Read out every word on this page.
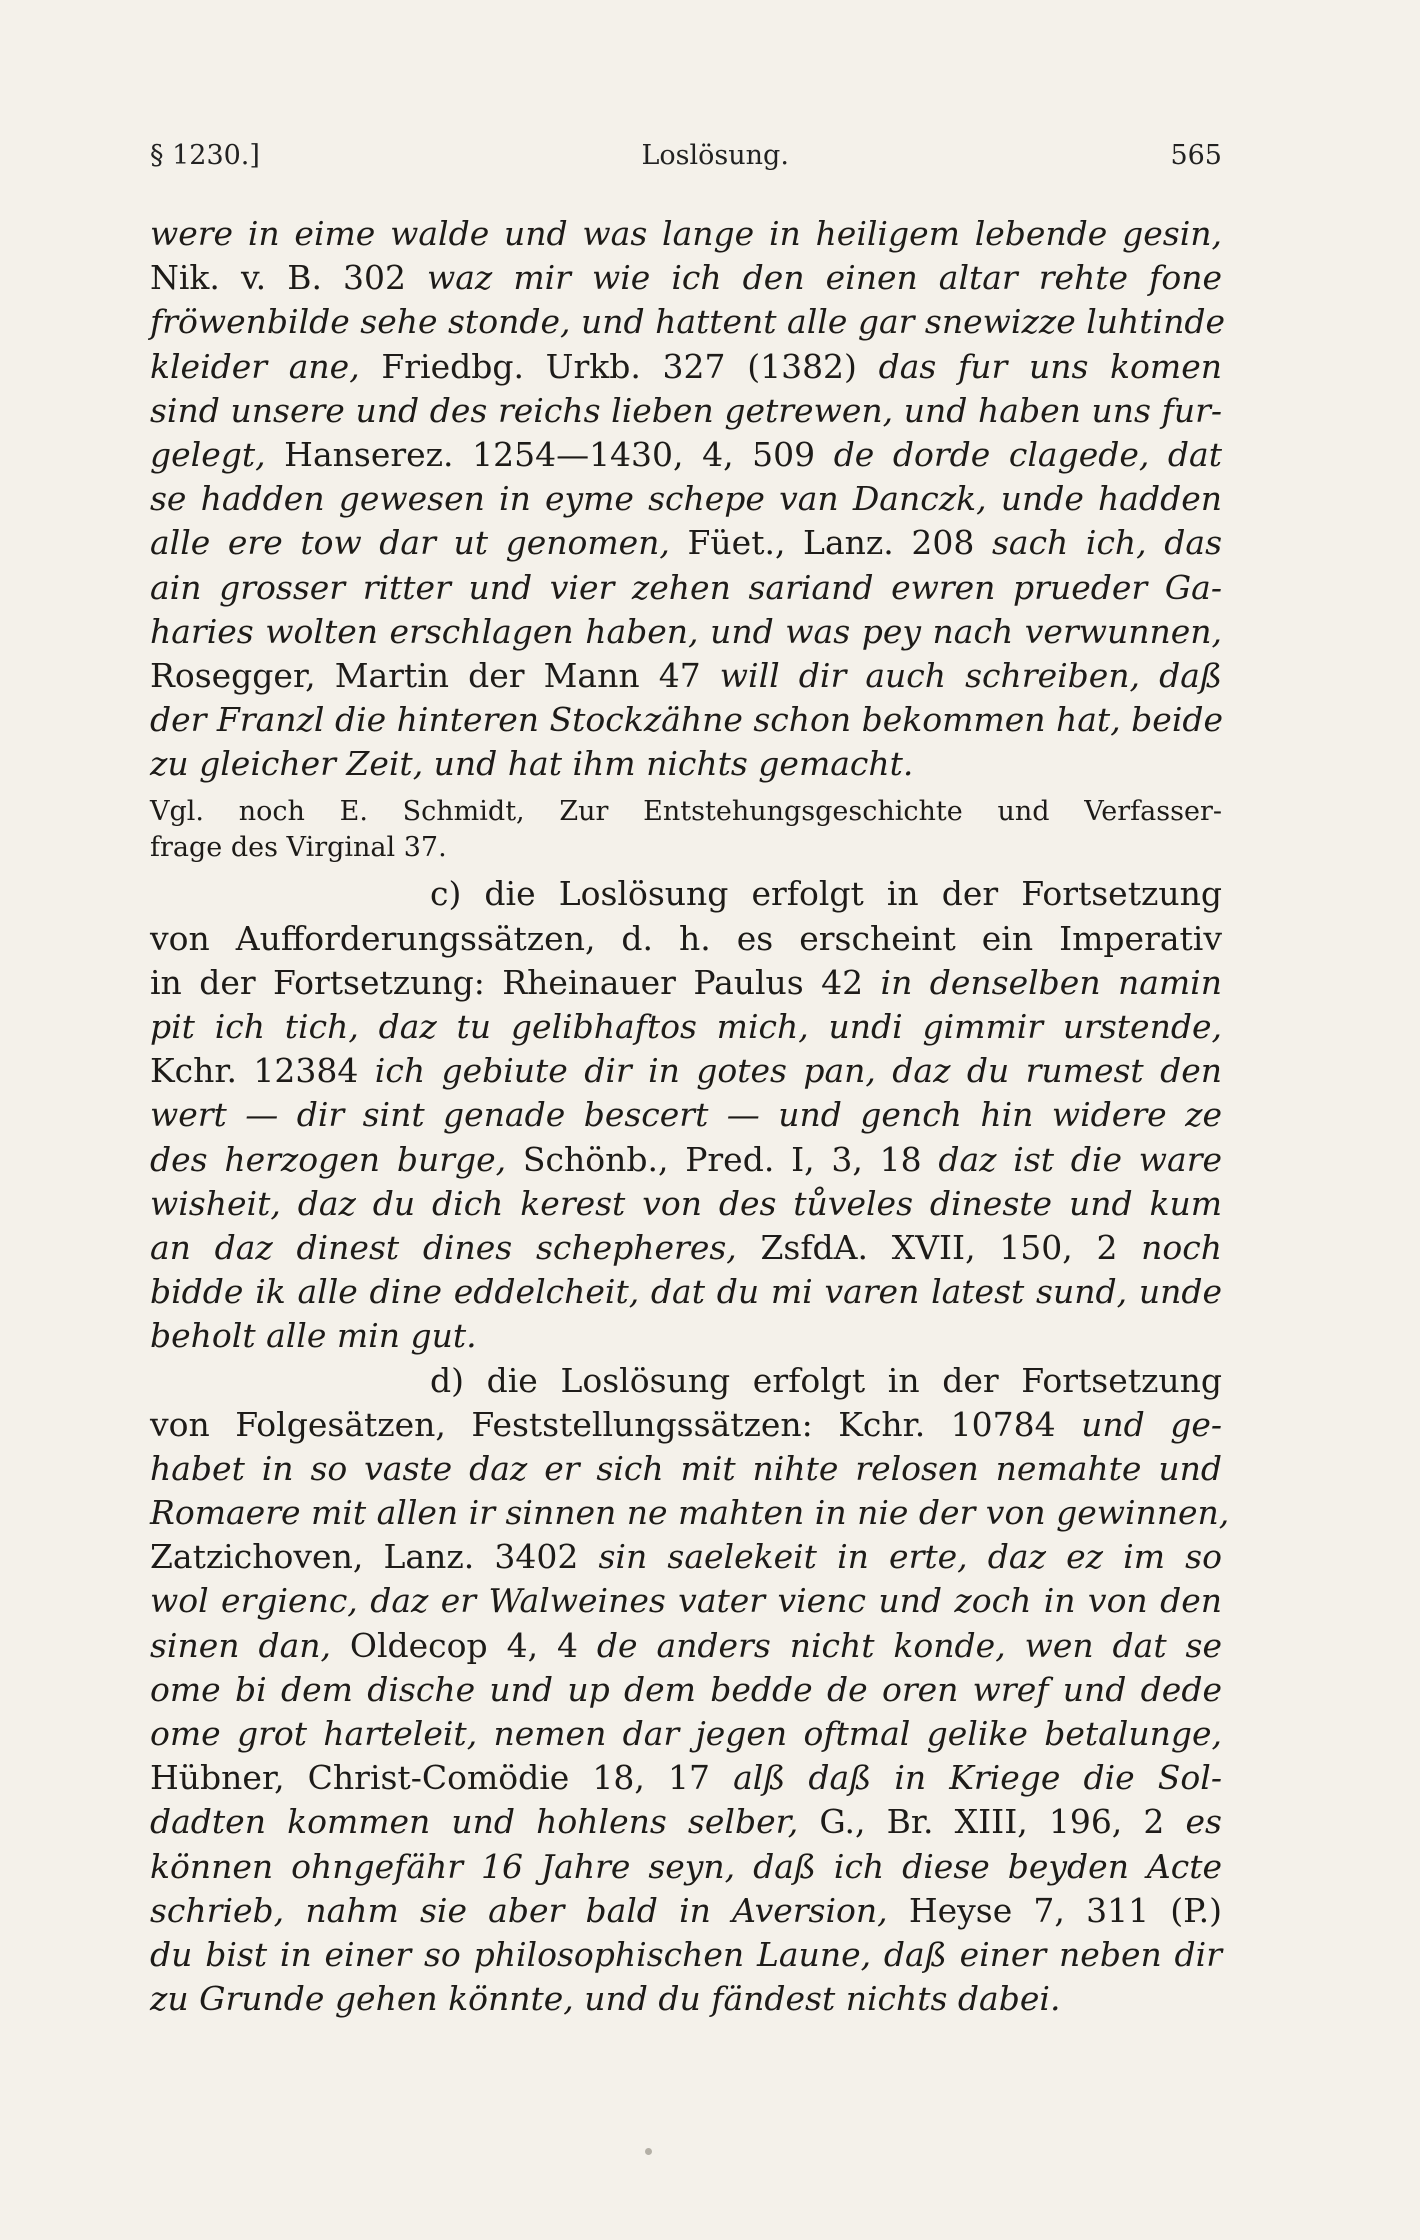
§ 1230.]	Loslösung.	565
were in eime walde und was lange in heiligem lebende gesin,
Nik. v. B. 302 waz mir wie ich den einen altar rehte fone
fröwenbilde sehe stonde, und hattent alle gar snewizze luhtinde
kleider ane, Friedbg. Urkb. 327 (1382) das fur uns komen
sind unsere und des reichs lieben getrewen, und haben uns fur-
gelegt, Hanserez. 1254—1430, 4, 509 de dorde clagede, dat
se hadden gewesen in eyme schepe van Danczk, unde hadden
alle ere tow dar ut genomen, Füet., Lanz. 208 sach ich, das
ain grosser ritter und vier zehen sariand ewren prueder Ga-
haries wolten erschlagen haben, und was pey nach verwunnen,
Rosegger, Martin der Mann 47 will dir auch schreiben, daß
der Franzl die hinteren Stockzähne schon bekommen hat, beide
zu gleicher Zeit, und hat ihm nichts gemacht.
Vgl. noch E. Schmidt, Zur Entstehungsgeschichte und Verfasser-
frage des Virginal 37.
c) die Loslösung erfolgt in der Fortsetzung
von Aufforderungssätzen, d. h. es erscheint ein Imperativ
in der Fortsetzung: Rheinauer Paulus 42 in denselben namin
pit ich tich, daz tu gelibhaftos mich, undi gimmir urstende,
Kchr. 12384 ich gebiute dir in gotes pan, daz du rumest den
wert — dir sint genade bescert — und gench hin widere ze
des herzogen burge, Schönb., Pred. I, 3, 18 daz ist die ware
wisheit, daz du dich kerest von des tůveles dineste und kum
an daz dinest dines schepheres, ZsfdA. XVII, 150, 2 noch
bidde ik alle dine eddelcheit, dat du mi varen latest sund, unde
beholt alle min gut.
d) die Loslösung erfolgt in der Fortsetzung
von Folgesätzen, Feststellungssätzen: Kchr. 10784 und ge-
habet in so vaste daz er sich mit nihte relosen nemahte und
Romaere mit allen ir sinnen ne mahten in nie der von gewinnen,
Zatzichoven, Lanz. 3402 sin saelekeit in erte, daz ez im so
wol ergienc, daz er Walweines vater vienc und zoch in von den
sinen dan, Oldecop 4, 4 de anders nicht konde, wen dat se
ome bi dem dische und up dem bedde de oren wref und dede
ome grot harteleit, nemen dar jegen oftmal gelike betalunge,
Hübner, Christ-Comödie 18, 17 alß daß in Kriege die Sol-
dadten kommen und hohlens selber, G., Br. XIII, 196, 2 es
können ohngefähr 16 Jahre seyn, daß ich diese beyden Acte
schrieb, nahm sie aber bald in Aversion, Heyse 7, 311 (P.)
du bist in einer so philosophischen Laune, daß einer neben dir
zu Grunde gehen könnte, und du fändest nichts dabei.
